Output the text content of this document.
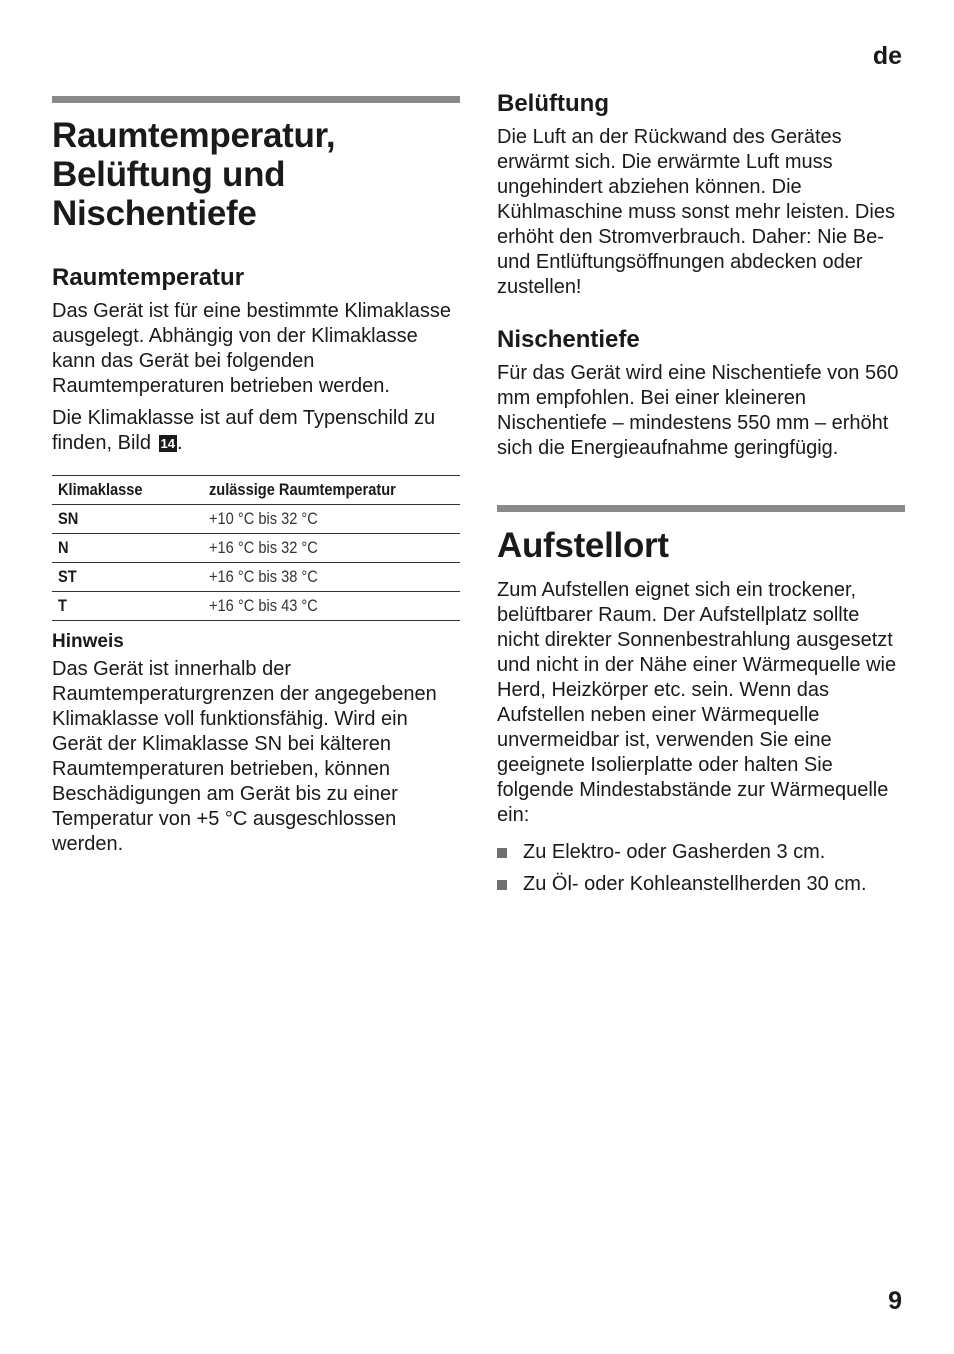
de
Raumtemperatur, Belüftung und Nischentiefe
Raumtemperatur

Das Gerät ist für eine bestimmte Klimaklasse ausgelegt. Abhängig von der Klimaklasse kann das Gerät bei folgenden Raumtemperaturen betrieben werden.

Die Klimaklasse ist auf dem Typenschild zu finden, Bild 14 .

Klimaklasse	zulässige Raumtemperatur
SN	+10 °C bis 32 °C
N	+16 °C bis 32 °C
ST	+16 °C bis 38 °C
T	+16 °C bis 43 °C
Hinweis

Das Gerät ist innerhalb der Raumtemperaturgrenzen der angegebenen Klimaklasse voll funktionsfähig. Wird ein Gerät der Klimaklasse SN bei kälteren Raumtemperaturen betrieben, können Beschädigungen am Gerät bis zu einer Temperatur von +5 °C ausgeschlossen werden.

Belüftung

Die Luft an der Rückwand des Gerätes erwärmt sich. Die erwärmte Luft muss ungehindert abziehen können. Die Kühlmaschine muss sonst mehr leisten. Dies erhöht den Stromverbrauch. Daher: Nie Be- und Entlüftungsöffnungen abdecken oder zustellen!

Nischentiefe

Für das Gerät wird eine Nischentiefe von 560 mm empfohlen. Bei einer kleineren Nischentiefe – mindestens 550 mm – erhöht sich die Energieaufnahme geringfügig.

Aufstellort

Zum Aufstellen eignet sich ein trockener, belüftbarer Raum. Der Aufstellplatz sollte nicht direkter Sonnenbestrahlung ausgesetzt und nicht in der Nähe einer Wärmequelle wie Herd, Heizkörper etc. sein. Wenn das Aufstellen neben einer Wärmequelle unvermeidbar ist, verwenden Sie eine geeignete Isolierplatte oder halten Sie folgende Mindestabstände zur Wärmequelle ein:

Zu Elektro- oder Gasherden 3 cm.
Zu Öl- oder Kohleanstellherden 30 cm.
9
